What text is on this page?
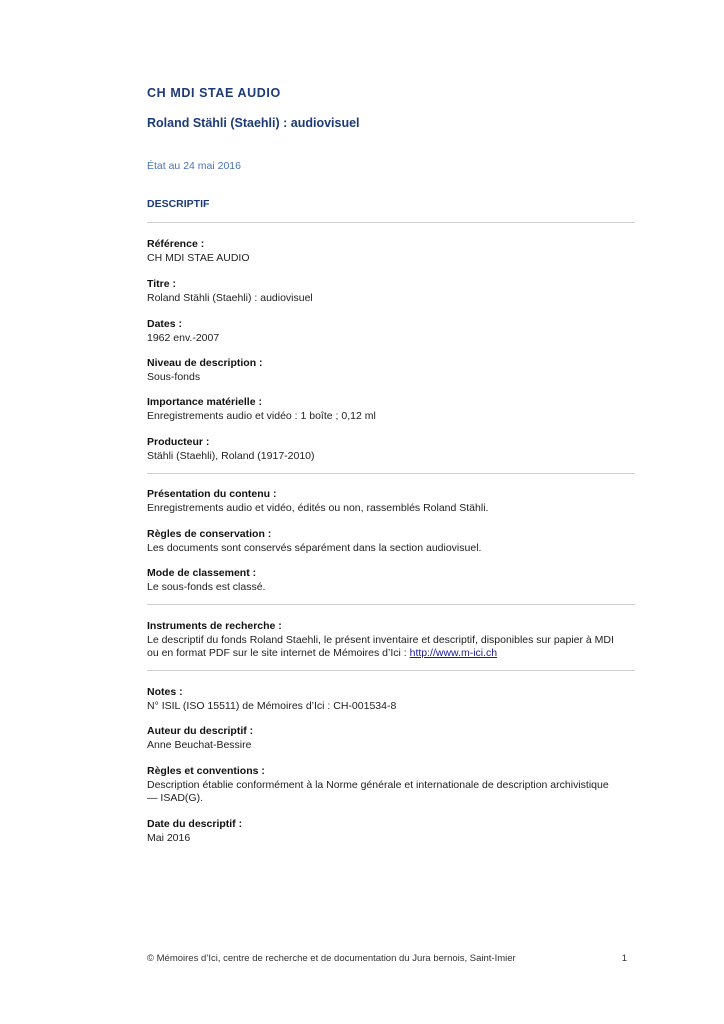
CH MDI STAE AUDIO
Roland Stähli (Staehli) : audiovisuel

État au 24 mai 2016

DESCRIPTIF
Référence :
CH MDI STAE AUDIO
Titre :
Roland Stähli (Staehli) : audiovisuel
Dates :
1962 env.-2007
Niveau de description :
Sous-fonds
Importance matérielle :
Enregistrements audio et vidéo : 1 boîte ; 0,12 ml
Producteur :
Stähli (Staehli), Roland (1917-2010)
Présentation du contenu :
Enregistrements audio et vidéo, édités ou non, rassemblés Roland Stähli.
Règles de conservation :
Les documents sont conservés séparément dans la section audiovisuel.
Mode de classement :
Le sous-fonds est classé.
Instruments de recherche :
Le descriptif du fonds Roland Staehli, le présent inventaire et descriptif, disponibles sur papier à MDI
ou en format PDF sur le site internet de Mémoires d’Ici : http://www.m-ici.ch
Notes :
N° ISIL (ISO 15511) de Mémoires d’Ici : CH-001534-8
Auteur du descriptif :
Anne Beuchat-Bessire
Règles et conventions :
Description établie conformément à la Norme générale et internationale de description archivistique
— ISAD(G).
Date du descriptif :
Mai 2016
© Mémoires d’Ici, centre de recherche et de documentation du Jura bernois, Saint-Imier	1
